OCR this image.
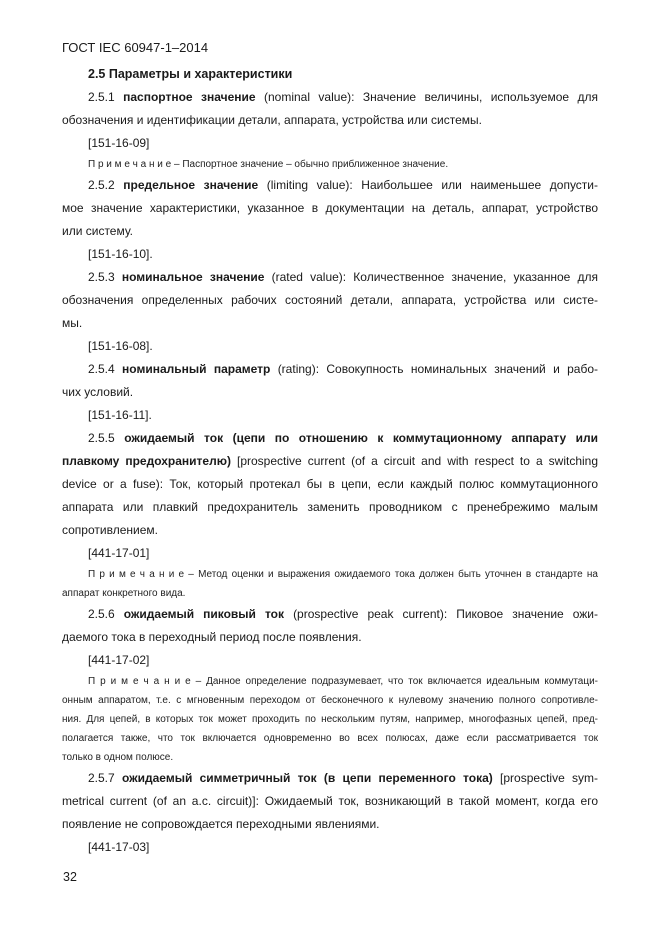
ГОСТ IEC 60947-1–2014
2.5 Параметры и характеристики
2.5.1 паспортное значение (nominal value): Значение величины, используемое для
обозначения и идентификации детали, аппарата, устройства или системы.
[151-16-09]
П р и м е ч а н и е – Паспортное значение – обычно приближенное значение.
2.5.2 предельное значение (limiting value): Наибольшее или наименьшее допусти-
мое значение характеристики, указанное в документации на деталь, аппарат, устройство
или систему.
[151-16-10].
2.5.3 номинальное значение (rated value): Количественное значение, указанное для
обозначения определенных рабочих состояний детали, аппарата, устройства или систе-
мы.
[151-16-08].
2.5.4 номинальный параметр (rating): Совокупность номинальных значений и рабо-
чих условий.
[151-16-11].
2.5.5 ожидаемый ток (цепи по отношению к коммутационному аппарату или
плавкому предохранителю) [prospective current (of a circuit and with respect to a switching
device or a fuse): Ток, который протекал бы в цепи, если каждый полюс коммутационного
аппарата или плавкий предохранитель заменить проводником с пренебрежимо малым
сопротивлением.
[441-17-01]
П р и м е ч а н и е – Метод оценки и выражения ожидаемого тока должен быть уточнен в стандарте на
аппарат конкретного вида.
2.5.6 ожидаемый пиковый ток (prospective peak current): Пиковое значение ожи-
даемого тока в переходный период после появления.
[441-17-02]
П р и м е ч а н и е – Данное определение подразумевает, что ток включается идеальным коммутаци-
онным аппаратом, т.е. с мгновенным переходом от бесконечного к нулевому значению полного сопротивле-
ния. Для цепей, в которых ток может проходить по нескольким путям, например, многофазных цепей, пред-
полагается также, что ток включается одновременно во всех полюсах, даже если рассматривается ток
только в одном полюсе.
2.5.7 ожидаемый симметричный ток (в цепи переменного тока) [prospective sym-
metrical current (of an a.c. circuit)]: Ожидаемый ток, возникающий в такой момент, когда его
появление не сопровождается переходными явлениями.
[441-17-03]
32
